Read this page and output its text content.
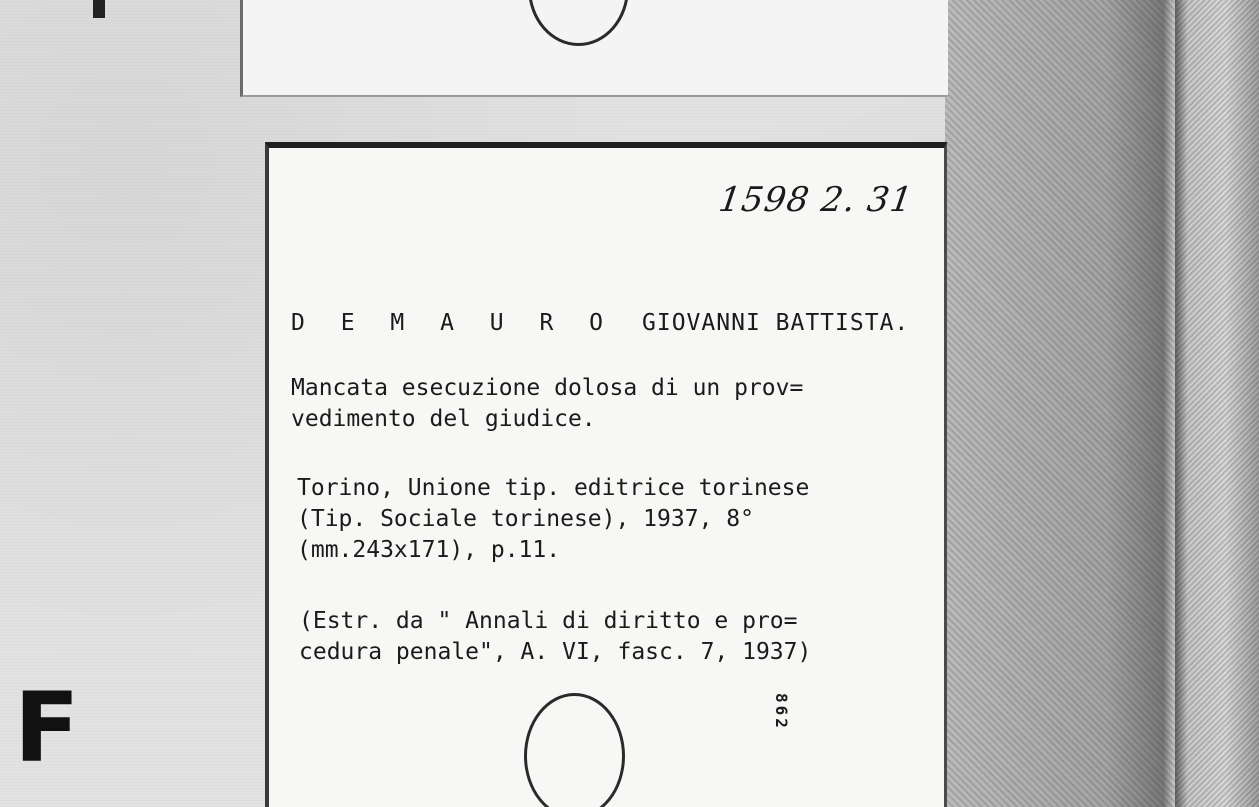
1598 2. 31
D E M A U R O GIOVANNI BATTISTA.
Mancata esecuzione dolosa di un prov=
vedimento del giudice.
Torino, Unione tip. editrice torinese
(Tip. Sociale torinese), 1937, 8°
(mm.243x171), p.11.
(Estr. da " Annali di diritto e pro=
cedura penale", A. VI, fasc. 7, 1937)
862
F
